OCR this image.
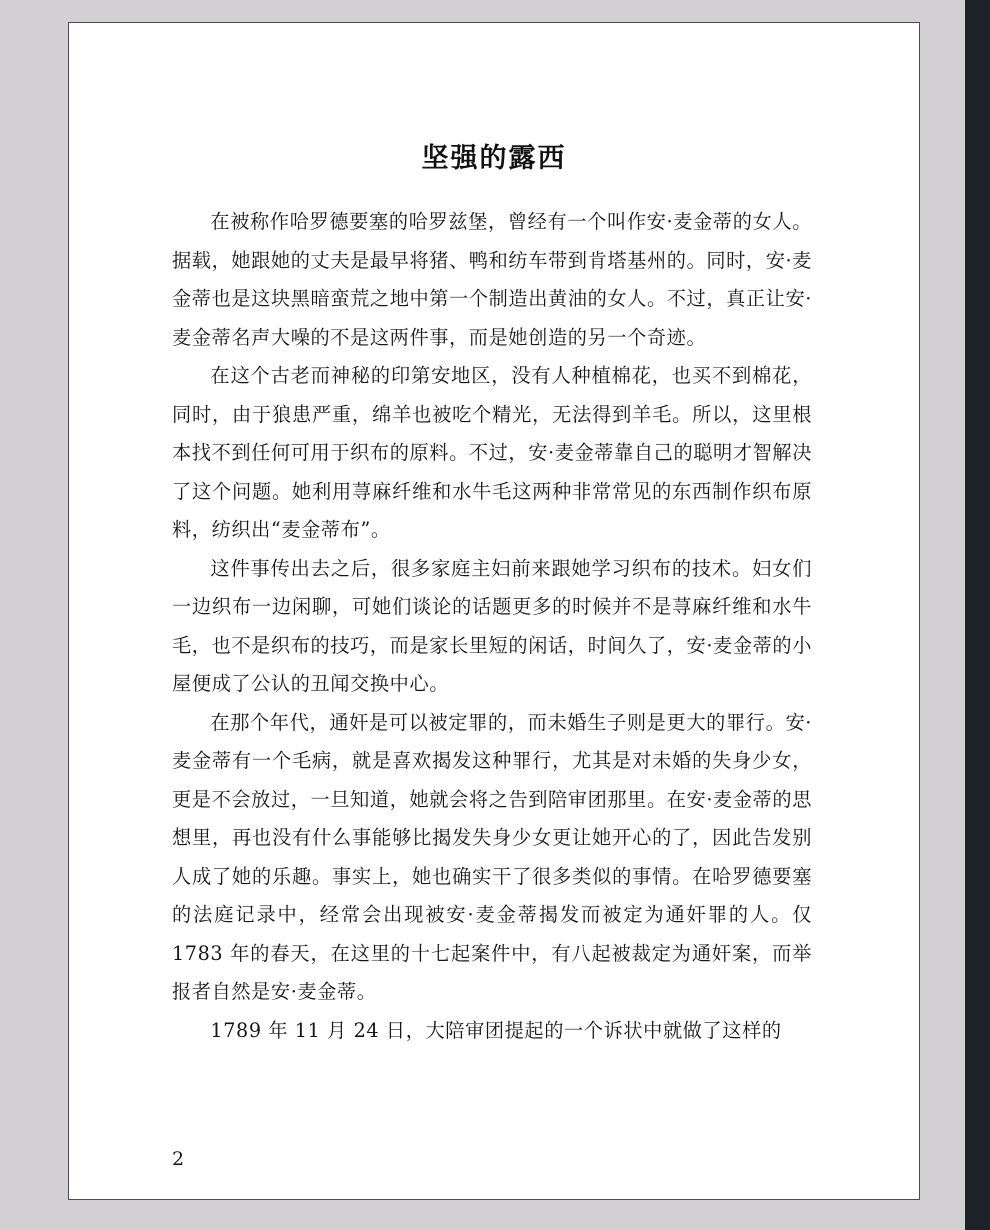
坚强的露西

在被称作哈罗德要塞的哈罗兹堡，曾经有一个叫作安·麦金蒂的女人。据载，她跟她的丈夫是最早将猪、鸭和纺车带到肯塔基州的。同时，安·麦金蒂也是这块黑暗蛮荒之地中第一个制造出黄油的女人。不过，真正让安·麦金蒂名声大噪的不是这两件事，而是她创造的另一个奇迹。

在这个古老而神秘的印第安地区，没有人种植棉花，也买不到棉花，同时，由于狼患严重，绵羊也被吃个精光，无法得到羊毛。所以，这里根本找不到任何可用于织布的原料。不过，安·麦金蒂靠自己的聪明才智解决了这个问题。她利用荨麻纤维和水牛毛这两种非常常见的东西制作织布原料，纺织出“麦金蒂布”。

这件事传出去之后，很多家庭主妇前来跟她学习织布的技术。妇女们一边织布一边闲聊，可她们谈论的话题更多的时候并不是荨麻纤维和水牛毛，也不是织布的技巧，而是家长里短的闲话，时间久了，安·麦金蒂的小屋便成了公认的丑闻交换中心。

在那个年代，通奸是可以被定罪的，而未婚生子则是更大的罪行。安·麦金蒂有一个毛病，就是喜欢揭发这种罪行，尤其是对未婚的失身少女，更是不会放过，一旦知道，她就会将之告到陪审团那里。在安·麦金蒂的思想里，再也没有什么事能够比揭发失身少女更让她开心的了，因此告发别人成了她的乐趣。事实上，她也确实干了很多类似的事情。在哈罗德要塞的法庭记录中，经常会出现被安·麦金蒂揭发而被定为通奸罪的人。仅 1783 年的春天，在这里的十七起案件中，有八起被裁定为通奸案，而举报者自然是安·麦金蒂。

1789 年 11 月 24 日，大陪审团提起的一个诉状中就做了这样的

2
